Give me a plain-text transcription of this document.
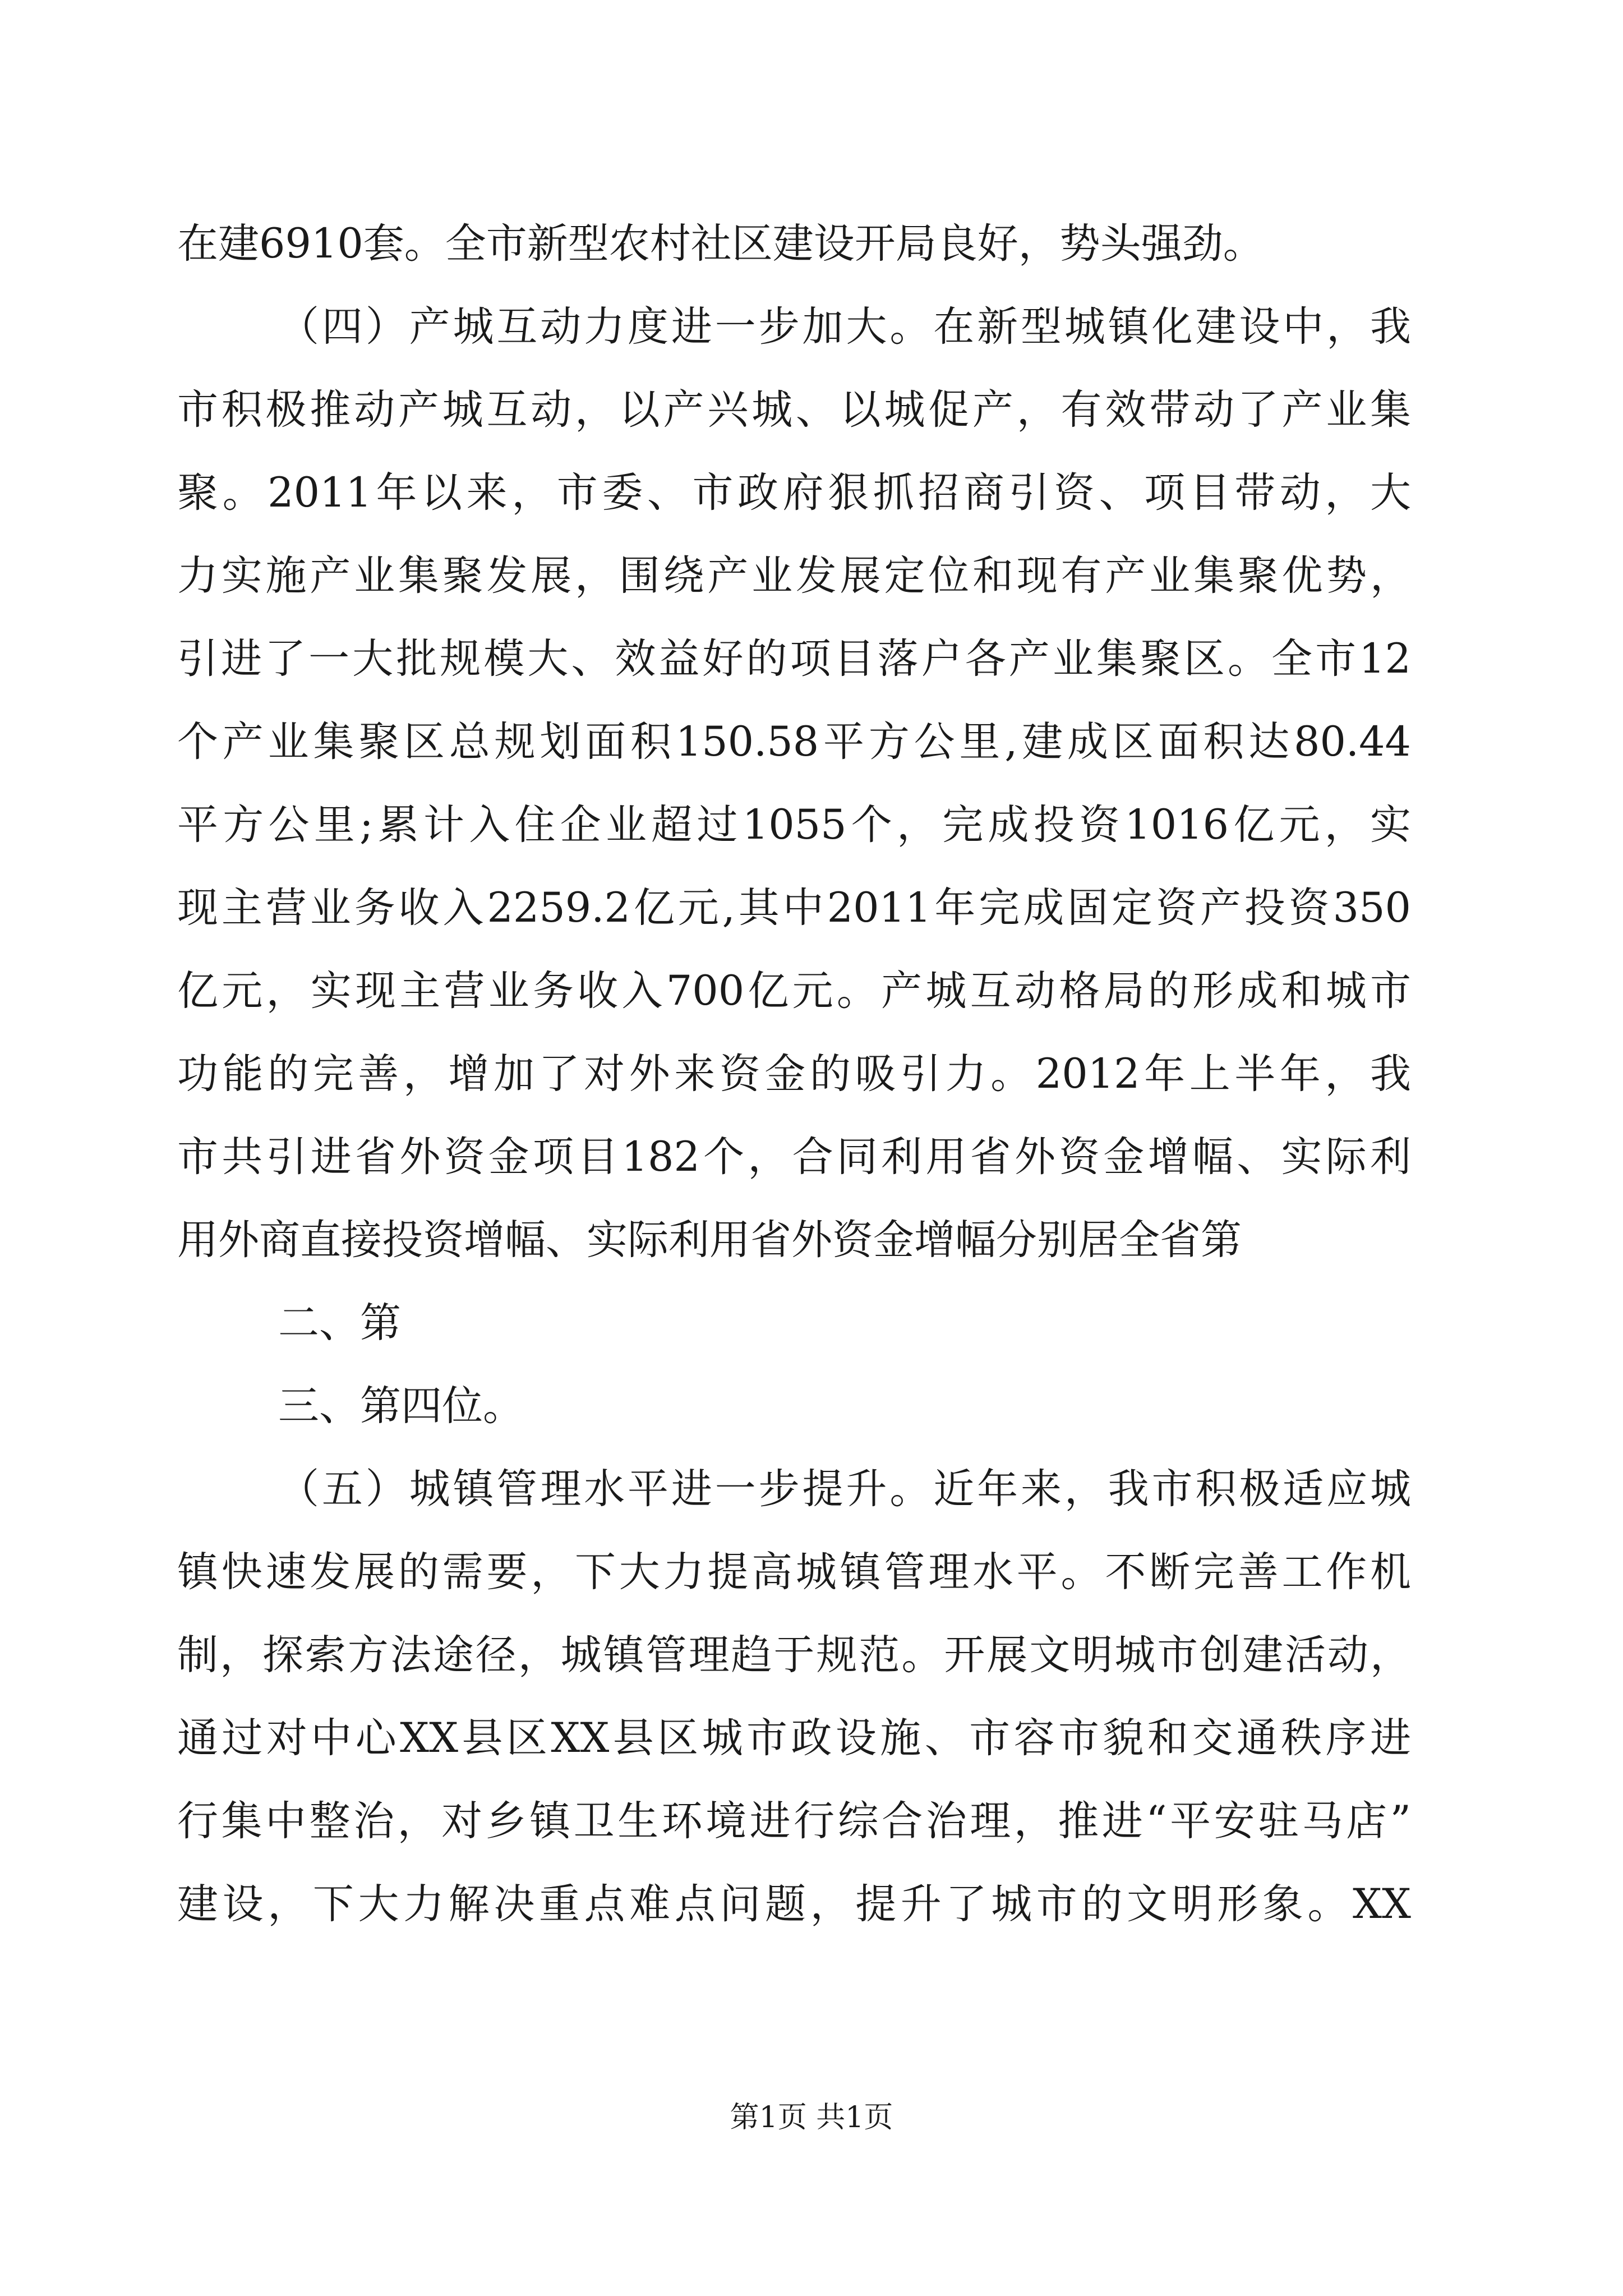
在建6910套。全市新型农村社区建设开局良好，势头强劲。
（四）产城互动力度进一步加大。在新型城镇化建设中，我
市积极推动产城互动，以产兴城、以城促产，有效带动了产业集
聚。2011年以来，市委、市政府狠抓招商引资、项目带动，大
力实施产业集聚发展，围绕产业发展定位和现有产业集聚优势，
引进了一大批规模大、效益好的项目落户各产业集聚区。全市12
个产业集聚区总规划面积150.58平方公里,建成区面积达80.44
平方公里;累计入住企业超过1055个，完成投资1016亿元，实
现主营业务收入2259.2亿元,其中2011年完成固定资产投资350
亿元，实现主营业务收入700亿元。产城互动格局的形成和城市
功能的完善，增加了对外来资金的吸引力。2012年上半年，我
市共引进省外资金项目182个，合同利用省外资金增幅、实际利
用外商直接投资增幅、实际利用省外资金增幅分别居全省第
二、第
三、第四位。
（五）城镇管理水平进一步提升。近年来，我市积极适应城
镇快速发展的需要，下大力提高城镇管理水平。不断完善工作机
制，探索方法途径，城镇管理趋于规范。开展文明城市创建活动，
通过对中心XX县区XX县区城市政设施、市容市貌和交通秩序进
行集中整治，对乡镇卫生环境进行综合治理，推进“平安驻马店”
建设，下大力解决重点难点问题，提升了城市的文明形象。XX
第1页 共1页
